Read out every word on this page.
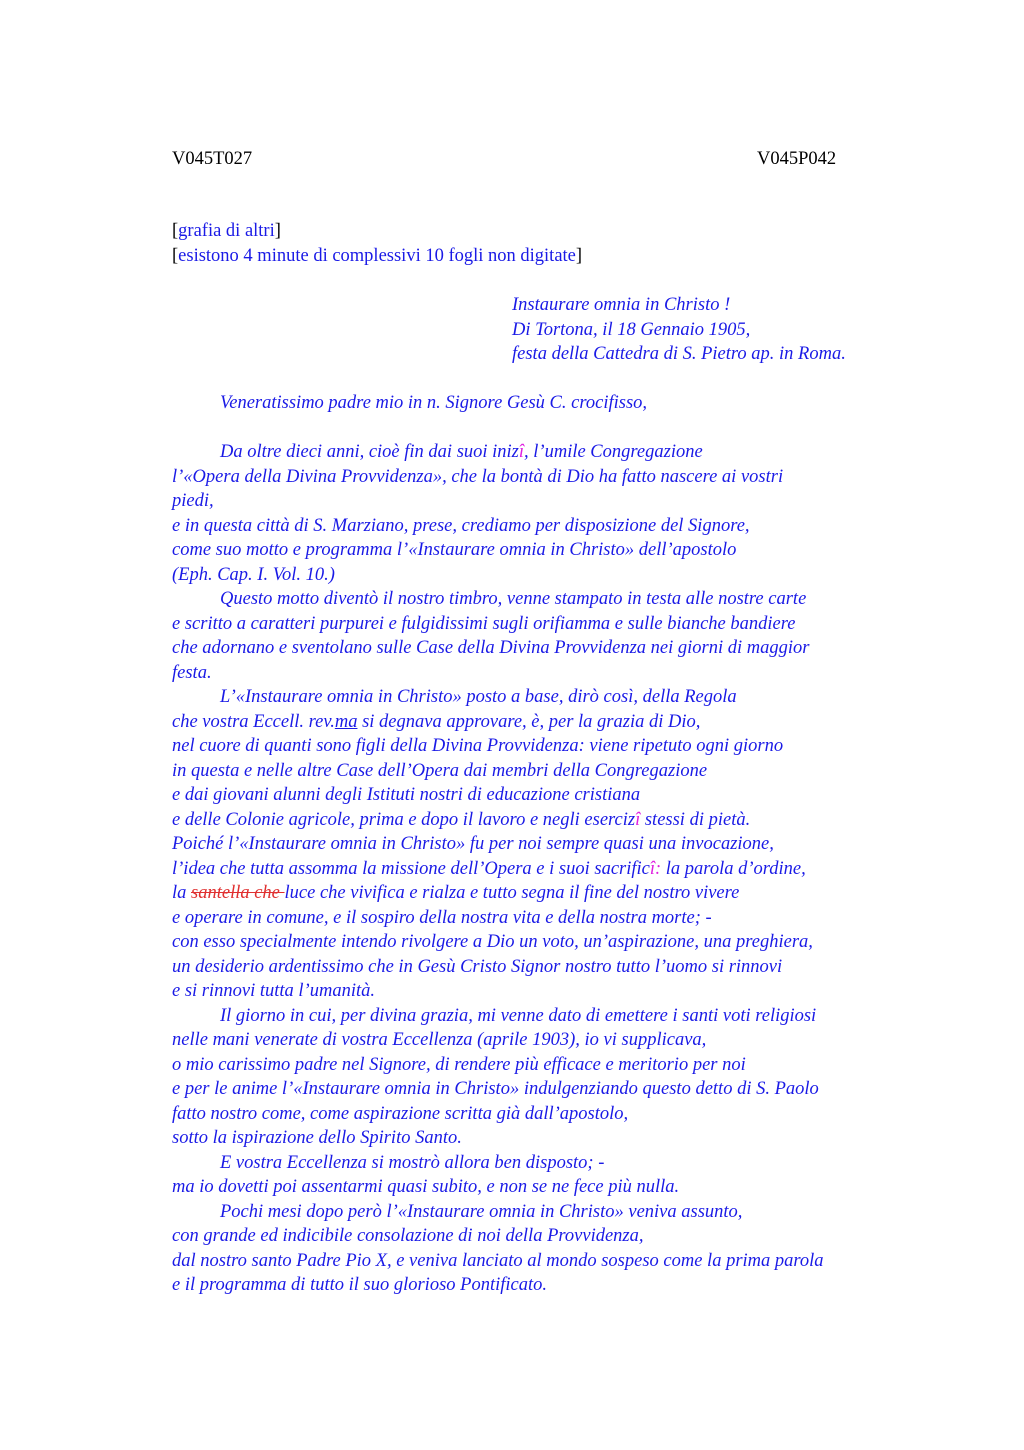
V045T027	V045P042
[grafia di altri]
[esistono 4 minute di complessivi 10 fogli non digitate]
Instaurare omnia in Christo !
Di Tortona, il 18 Gennaio 1905,
festa della Cattedra di S. Pietro ap. in Roma.
Veneratissimo padre mio in n. Signore Gesù C. crocifisso,
Da oltre dieci anni, cioè fin dai suoi inizî, l’umile Congregazione
l’«Opera della Divina Provvidenza», che la bontà di Dio ha fatto nascere ai vostri
piedi,
e in questa città di S. Marziano, prese, crediamo per disposizione del Signore,
come suo motto e programma l’«Instaurare omnia in Christo» dell’apostolo
(Eph. Cap. I. Vol. 10.)
Questo motto diventò il nostro timbro, venne stampato in testa alle nostre carte
e scritto a caratteri purpurei e fulgidissimi sugli orifiamma e sulle bianche bandiere
che adornano e sventolano sulle Case della Divina Provvidenza nei giorni di maggior
festa.
L’«Instaurare omnia in Christo» posto a base, dirò così, della Regola
che vostra Eccell. rev.ma si degnava approvare, è, per la grazia di Dio,
nel cuore di quanti sono figli della Divina Provvidenza: viene ripetuto ogni giorno
in questa e nelle altre Case dell’Opera dai membri della Congregazione
e dai giovani alunni degli Istituti nostri di educazione cristiana
e delle Colonie agricole, prima e dopo il lavoro e negli esercizî stessi di pietà.
Poiché l’«Instaurare omnia in Christo» fu per noi sempre quasi una invocazione,
l’idea che tutta assomma la missione dell’Opera e i suoi sacrificî: la parola d’ordine,
la santella che luce che vivifica e rialza e tutto segna il fine del nostro vivere
e operare in comune, e il sospiro della nostra vita e della nostra morte; -
con esso specialmente intendo rivolgere a Dio un voto, un’aspirazione, una preghiera,
un desiderio ardentissimo che in Gesù Cristo Signor nostro tutto l’uomo si rinnovi
e si rinnovi tutta l’umanità.
Il giorno in cui, per divina grazia, mi venne dato di emettere i santi voti religiosi
nelle mani venerate di vostra Eccellenza (aprile 1903), io vi supplicava,
o mio carissimo padre nel Signore, di rendere più efficace e meritorio per noi
e per le anime l’«Instaurare omnia in Christo» indulgenziando questo detto di S. Paolo
fatto nostro come, come aspirazione scritta già dall’apostolo,
sotto la ispirazione dello Spirito Santo.
E vostra Eccellenza si mostrò allora ben disposto; -
ma io dovetti poi assentarmi quasi subito, e non se ne fece più nulla.
Pochi mesi dopo però l’«Instaurare omnia in Christo» veniva assunto,
con grande ed indicibile consolazione di noi della Provvidenza,
dal nostro santo Padre Pio X, e veniva lanciato al mondo sospeso come la prima parola
e il programma di tutto il suo glorioso Pontificato.
